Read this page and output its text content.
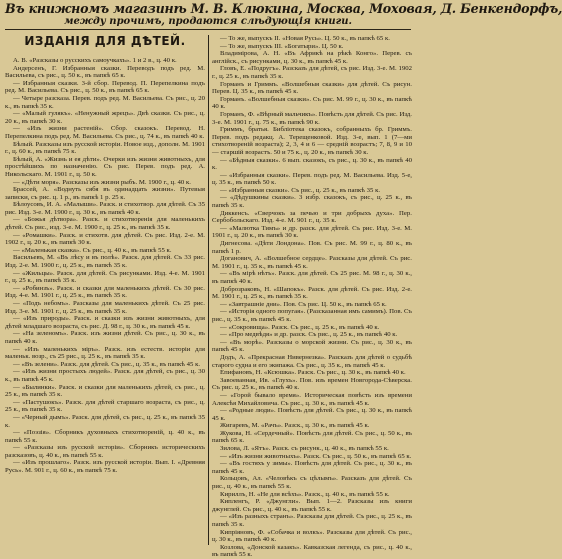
Въ книжномъ магазинѣ М. В. Клюкина, Москва, Моховая, Д. Бенкендорфъ,
между прочимъ, продаются слѣдующія книги.
ИЗДАНІЯ ДЛЯ ДѢТЕЙ.

А. В. «Разсказы о русскихъ самоучкахъ». 1 и 2 в., ц. 40 к.

Андерсенъ, Г. Избранныя сказки. Переводъ подъ ред. М. Васильева, съ рис., ц. 50 к., въ папкѣ 65 к.

— Избранныя сказки. 3-й сбор. Перевод. П. Перепелкина подъ ред. М. Васильева. Съ рис., ц. 50 к., въ папкѣ 65 к.

— Четыре разсказа. Перев. подъ ред. М. Васильева. Съ рис., ц. 20 к., въ папкѣ 35 к.

— «Малый гулякъ». «Ненужный жрецъ». Двѣ сказки. Съ рис., ц. 20 к., въ папкѣ 30 к.

— «Изъ жизни растеній». Сбор. сказокъ. Перевод. Н. Перепелкина подъ ред. М. Васильева. Съ рис., ц. 74 к., въ папкѣ 40 к.

Бѣлый. Разсказы изъ русской исторіи. Новое изд., дополн. М. 1901 г., ц. 60 к., въ папкѣ 75 к.

Бѣлый, А. «Жизнь и ея дѣти». Очерки изъ жизни животныхъ, для простѣйшихъ по назначенію. Съ рис. Перев. подъ ред. А. Никольскаго. М. 1901 г., ц. 50 к.

— «Дѣти моря». Разсказы изъ жизни рыбъ. М. 1900 г., ц. 40 к.

Брассей, А. «Воднуть сябя въ одинадцать жизни». Путевыя записки, съ рис. ц. 1 р., въ папкѣ 1 р. 25 к.

Бѣлоусовъ, И. А. «Малыши». Разск. и стихотвор. для дѣтей. Съ 35 рис. Изд. 3-е. М. 1900 г., ц. 30 к., въ папкѣ 40 к.

— «Божья дѣтвора». Разск. и стихотворенія для маленькихъ дѣтей. Съ рис., изд. 3-е. М. 1900 г., ц. 25 к., въ папкѣ 35 к.

— «Ромашки». Разск. и стихотв. для дѣтей. Съ рис. Изд. 2-е. М. 1902 г., ц. 20 к., въ папкѣ 30 к.

— «Маленькая сказка». Съ рис., ц. 40 к., въ папкѣ 55 к.

Васильевъ, М. «Въ лѣсу и въ полѣ». Разск. для дѣтей. Съ 33 рис. Изд. 2-е. М. 1900 г., ц. 25 к., въ папкѣ 35 к.

— «Жильцы». Разск. для дѣтей. Съ рисунками. Изд. 4-е. М. 1901 г., ц. 25 к., въ папкѣ 35 к.

— «Робинзъ». Разск. и сказки для маленькихъ дѣтей. Съ 30 рис. Изд. 4-е. М. 1901 г., ц. 25 к., въ папкѣ 35 к.

— «Подъ небомъ». Разсказы для маленькихъ дѣтей. Съ 25 рис. Изд. 3-е. М. 1901 г., ц. 25 к., въ папкѣ 35 к.

— «Изъ природы». Разск. и сказки изъ жизни животныхъ, для дѣтей младшаго возраста, съ рис. Д. 98 г., ц. 30 к., въ папкѣ 45 к.

— «На зеленомъ». Разск. изъ жизни дѣтей. Съ рис., ц. 30 к., въ папкѣ 40 к.

— «Изъ маленькихъ міръ». Разск. изъ естеств. исторіи для маленьк. возр., съ 25 рис., ц. 25 к., въ папкѣ 35 к.

— «Въ зелени». Разск. для дѣтей. Съ рис., ц. 35 к., въ папкѣ 45 к.

— «Изъ жизни простыхъ людей». Разск. для дѣтей, съ рис., ц. 30 к., въ папкѣ 45 к.

— «Былинки». Разск. и сказки для маленькихъ дѣтей, съ рис., ц. 25 к., въ папкѣ 35 к.

— «Пастушокъ». Разск. для дѣтей старшаго возраста, съ рис., ц. 25 к., въ папкѣ 35 к.

— «Черный дымъ». Разск. для дѣтей, съ рис., ц. 25 к., въ папкѣ 35 к.

— «Поэзія». Сборникъ духовныхъ стихотвореній, ц. 40 к., въ папкѣ 55 к.

— «Разсказы изъ русской исторіи». Сборникъ историческихъ разсказовъ, ц. 40 к., въ папкѣ 55 к.

— «Изъ прошлаго». Разск. изъ русской исторіи. Вып. I. «Древняя Русь». М. 901 г., ц. 60 к., въ папкѣ 75 к.

— То же, выпускъ II. «Новая Русь». Ц. 50 к., въ папкѣ 65 к.

— То же, выпускъ III. «Богатыри». Ц. 50 к.

Владимірова, А. Н. «Въ Африкѣ на рѣкѣ Конго». Перев. съ англійск., съ рисунками, ц. 30 к., въ папкѣ 45 к.

Гловъ, Е. «Подругъ». Разсказъ для дѣтей, съ рис. Изд. 3-е. М. 1902 г., ц. 25 к., въ папкѣ 35 к.

Горманъ и Гриммъ. «Волшебныя сказки» для дѣтей. Съ рисун. Перев. Ц. 35 к., въ папкѣ 45 к.

Горманъ. «Волшебныя сказки». Съ рис. М. 99 г., ц. 30 к., въ папкѣ 40 к.

Горманъ, Ф. «Вѣрный мальчикъ». Повѣсть для дѣтей. Съ рис. Изд. 3-е. М. 1901 г., ц. 75 к., въ папкѣ 90 к.

Гриммъ, братья. Библіотека сказокъ, собранныхъ бр. Гриммъ. Перев. подъ редакц. А. Терещенковой. Изд. 3-е, вып. 1 (7—ми стихотвореній возраста); 2, 3, 4 и 6 — средній возрастъ; 7, 8, 9 и 10 — старшій возрастъ. 50 и 75 к., ц. 20 к., въ папкѣ 30 к.

— «Бѣдныя сказки». 6 вып. сказокъ, съ рис., ц. 30 к., въ папкѣ 40 к.

— «Избранныя сказки». Перев. подъ ред. М. Васильева. Изд. 5-е, ц. 35 к., въ папкѣ 50 к.

— «Избранныя сказки». Съ рис., ц. 25 к., въ папкѣ 35 к.

— «Дѣдушкины сказки». 3 избр. сказокъ, съ рис., ц. 25 к., въ папкѣ 35 к.

Диккенсъ. «Сверчокъ за печью и три добрыхъ духа». Пер. Сербобольскаго. Изд. 4-е. М. 901 г., ц. 35 к.

— «Малютка Тимъ» и др. разск. для дѣтей. Съ рис. Изд. 3-е. М. 1901 г., ц. 20 к., въ папкѣ 30 к.

Дигнесова. «Дѣти Лондона». Пов. Съ рис. М. 99 г., ц. 80 к., въ папкѣ 1 р.

Доганович, А. «Волшебное сердце». Разсказы для дѣтей. Съ рис. М. 1901 г., ц. 35 к., въ папкѣ 45 к.

— «Въ мірѣ нѣтъ». Разск. для дѣтей. Съ 25 рис. М. 98 г., ц. 30 к., въ папкѣ 40 к.

Доброзраковъ, Н. «Шапокъ». Разск. для дѣтей. Съ рис. Изд. 2-е. М. 1901 г., ц. 25 к., въ папкѣ 35 к.

— «Завтрашніе дни». Пов. Съ рис. Ц. 50 к., въ папкѣ 65 к.

— «Исторія одного попугая». (Разсказанная имъ самимъ). Пов. Съ рис., ц. 35 к., въ папкѣ 45 к.

— «Сокровища». Разск. Съ рис., ц. 25 к., въ папкѣ 40 к.

— «Про медвѣдя» и др. разск. Съ рис., ц. 25 к., въ папкѣ 40 к.

— «Въ морѣ». Разсказы о морской жизни. Съ рис., ц. 30 к., въ папкѣ 45 к.

Додъ, А. «Прекрасная Нивернезка». Разсказъ для дѣтей о судьбѣ старого судна и его экипажа. Съ рис., ц. 35 к., въ папкѣ 45 к.

Епифановъ, Н. «Ксюшка». Разск. Съ рис., ц. 30 к., въ папкѣ 40 к.

Завоеванная, Ив. «Глухъ». Пов. изъ времен Новгорода-Сѣверска. Съ рис. ц. 25 к., въ папкѣ 40 к.

— «Горой бывало время». Историческая повѣсть изъ времени Алексѣя Михайловича. Съ рис., ц. 30 к., въ папкѣ 45 к.

— «Родные люди». Повѣсть для дѣтей. Съ рис., ц. 30 к., въ папкѣ 45 к.

Жигаревъ, М. «Рачъ». Разск., ц. 30 к., въ папкѣ 45 к.

Жукова, Н. «Сердечный». Повѣсть для дѣтей. Съ рис., ц. 50 к., въ папкѣ 65 к.

Зилова, Л. «Ятъ». Разск. съ рисунк., ц. 40 к., въ папкѣ 55 к.

— «Изъ жизни животныхъ». Разск. Съ рис., ц. 50 к., въ папкѣ 65 к.

— «Въ гостяхъ у зимы». Повѣсть для дѣтей. Съ рис., ц. 30 к., въ папкѣ 45 к.

Кольцовъ, Ал. «Человѣкъ съ цѣлымъ». Разсказъ для дѣтей. Съ рис., ц. 40 к., въ папкѣ 55 к.

Кириллъ, Н. «Не для всѣхъ». Разск., ц. 40 к., въ папкѣ 55 к.

Кипленгъ, Р. «Джунгли». Вып. 1—2. Разсказы изъ книги джунглей. Съ рис., ц. 40 к., въ папкѣ 55 к.

— «Изъ разныхъ странъ». Разсказы для дѣтей. Съ рис., ц. 25 к., въ папкѣ 35 к.

Кипріяновъ, Ф. «Собачка и волкъ». Разсказы для дѣтей. Съ рис., ц. 30 к., въ папкѣ 40 к.

Козлова, «Донской казакъ». Кавказская легенда, съ рис., ц. 40 к., въ папкѣ 55 к.
